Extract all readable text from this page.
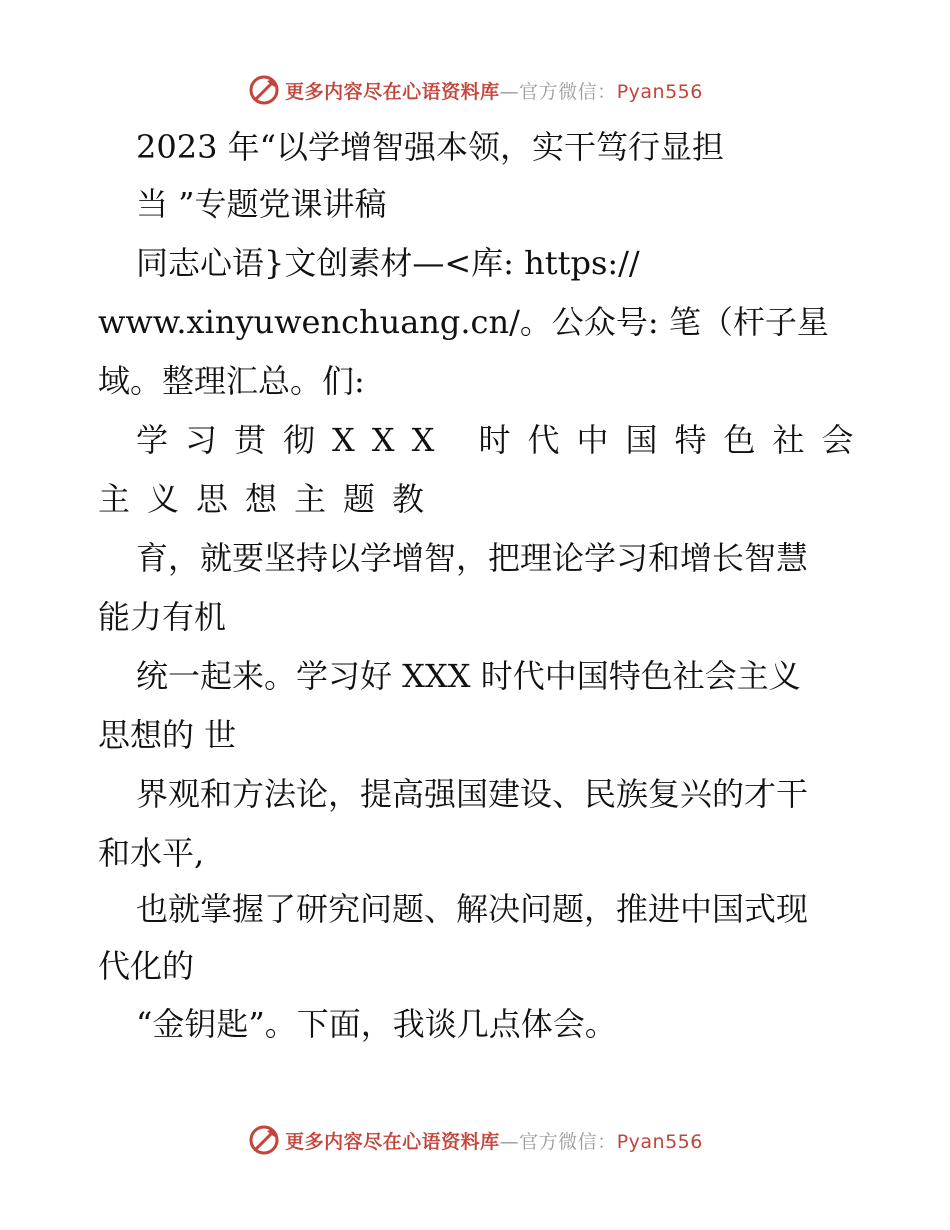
更多内容尽在心语资料库—官方微信：Pyan556
2023 年“以学增智强本领，实干笃行显担
当 ”专题党课讲稿
同志心语}文创素材—<库: https://
www.xinyuwenchuang.cn/。公众号: 笔（杆子星
域。整理汇总。们:
学习贯彻XXX 时代中国特色社会
主义思想主题教
育，就要坚持以学增智，把理论学习和增长智慧
能力有机
统一起来。学习好 XXX 时代中国特色社会主义
思想的 世
界观和方法论，提高强国建设、民族复兴的才干
和水平,
也就掌握了研究问题、解决问题，推进中国式现
代化的
“金钥匙”。下面，我谈几点体会。
更多内容尽在心语资料库—官方微信：Pyan556
